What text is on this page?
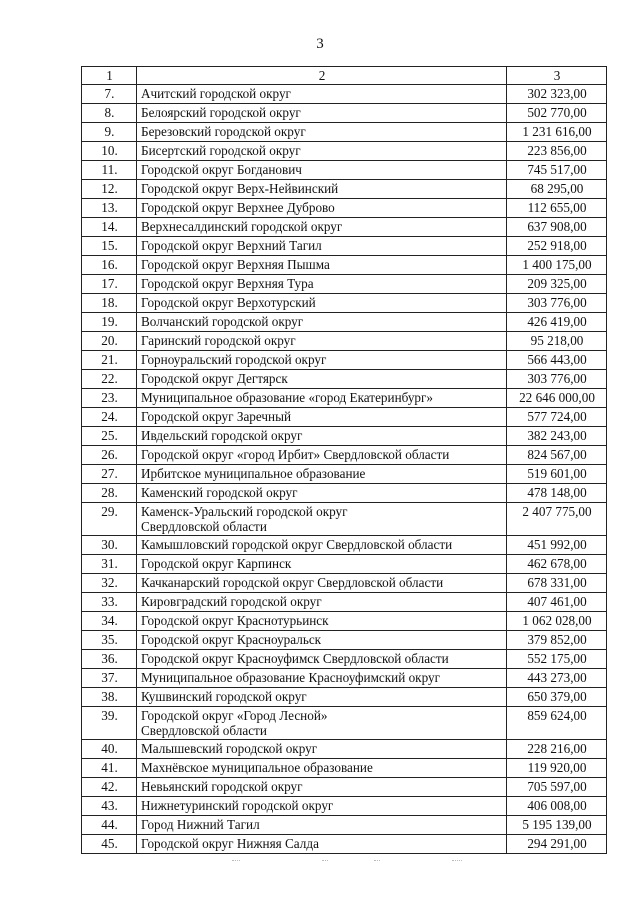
3
1	2	3
7.	Ачитский городской округ	302 323,00
8.	Белоярский городской округ	502 770,00
9.	Березовский городской округ	1 231 616,00
10.	Бисертский городской округ	223 856,00
11.	Городской округ Богданович	745 517,00
12.	Городской округ Верх-Нейвинский	68 295,00
13.	Городской округ Верхнее Дуброво	112 655,00
14.	Верхнесалдинский городской округ	637 908,00
15.	Городской округ Верхний Тагил	252 918,00
16.	Городской округ Верхняя Пышма	1 400 175,00
17.	Городской округ Верхняя Тура	209 325,00
18.	Городской округ Верхотурский	303 776,00
19.	Волчанский городской округ	426 419,00
20.	Гаринский городской округ	95 218,00
21.	Горноуральский городской округ	566 443,00
22.	Городской округ Дегтярск	303 776,00
23.	Муниципальное образование «город Екатеринбург»	22 646 000,00
24.	Городской округ Заречный	577 724,00
25.	Ивдельский городской округ	382 243,00
26.	Городской округ «город Ирбит» Свердловской области	824 567,00
27.	Ирбитское муниципальное образование	519 601,00
28.	Каменский городской округ	478 148,00
29.	Каменск-Уральский городской округ
Свердловской области	2 407 775,00
30.	Камышловский городской округ Свердловской области	451 992,00
31.	Городской округ Карпинск	462 678,00
32.	Качканарский городской округ Свердловской области	678 331,00
33.	Кировградский городской округ	407 461,00
34.	Городской округ Краснотурьинск	1 062 028,00
35.	Городской округ Красноуральск	379 852,00
36.	Городской округ Красноуфимск Свердловской области	552 175,00
37.	Муниципальное образование Красноуфимский округ	443 273,00
38.	Кушвинский городской округ	650 379,00
39.	Городской округ «Город Лесной»
Свердловской области	859 624,00
40.	Малышевский городской округ	228 216,00
41.	Махнёвское муниципальное образование	119 920,00
42.	Невьянский городской округ	705 597,00
43.	Нижнетуринский городской округ	406 008,00
44.	Город Нижний Тагил	5 195 139,00
45.	Городской округ Нижняя Салда	294 291,00
